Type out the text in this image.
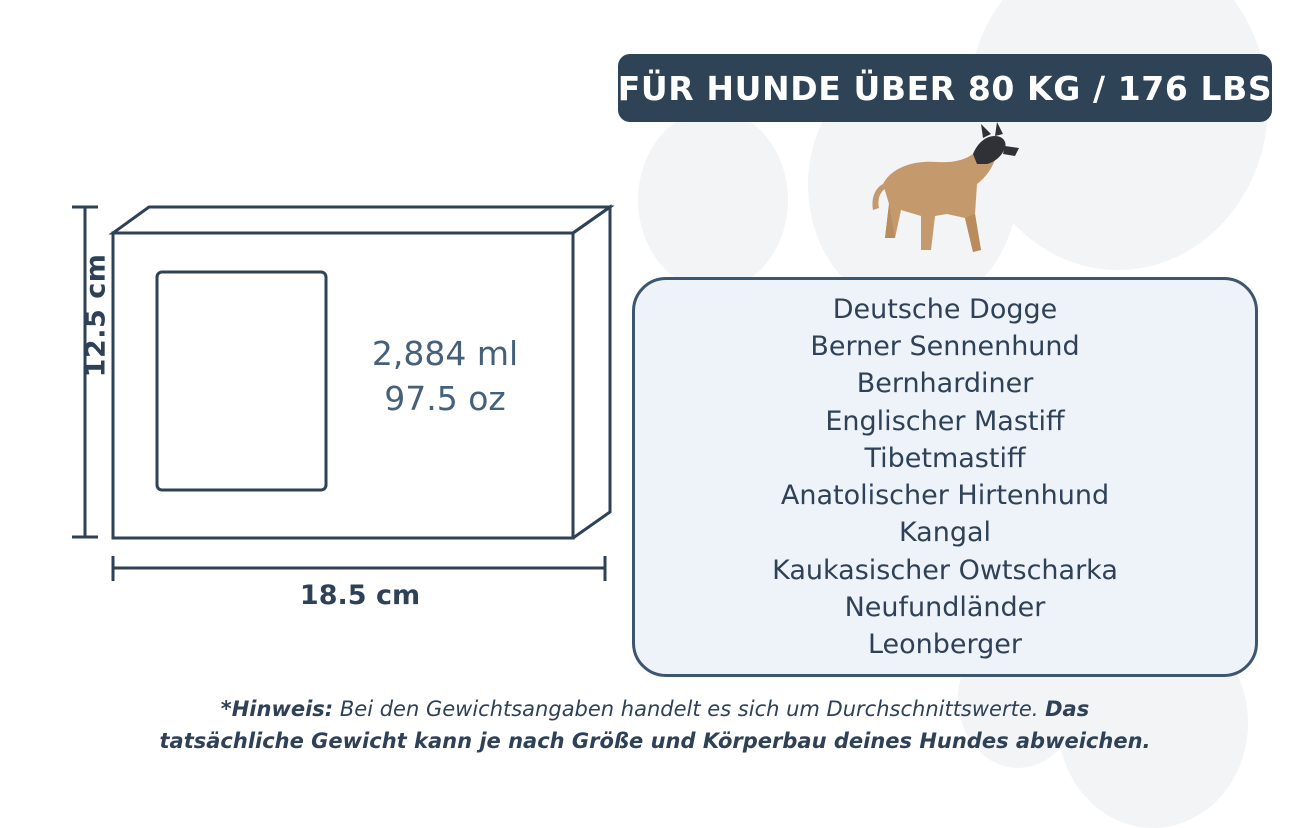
12.5 cm
18.5 cm
2,884 ml
97.5 oz
FÜR HUNDE ÜBER 80 KG / 176 LBS
Deutsche Dogge
Berner Sennenhund
Bernhardiner
Englischer Mastiff
Tibetmastiff
Anatolischer Hirtenhund
Kangal
Kaukasischer Owtscharka
Neufundländer
Leonberger
*Hinweis: Bei den Gewichtsangaben handelt es sich um Durchschnittswerte. Das tatsächliche Gewicht kann je nach Größe und Körperbau deines Hundes abweichen.
